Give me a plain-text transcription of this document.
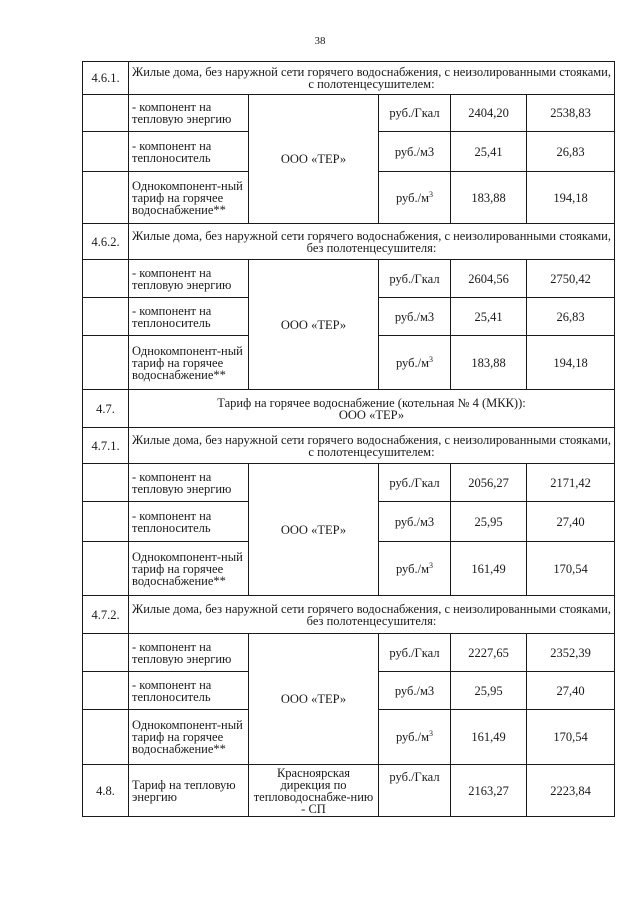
38
4.6.1.	Жилые дома, без наружной сети горячего водоснабжения, с неизолированными стояками, с полотенцесушителем:				
	- компонент на тепловую энергию	ООО «ТЕР»	руб./Гкал	2404,20	2538,83
	- компонент на теплоноситель		руб./м3	25,41	26,83
	Однокомпонент-ный тариф на горячее водоснабжение**		$руб./м^3$	183,88	194,18
4.6.2.	Жилые дома, без наружной сети горячего водоснабжения, с неизолированными стояками, без полотенцесушителя:				
	- компонент на тепловую энергию	ООО «ТЕР»	руб./Гкал	2604,56	2750,42
	- компонент на теплоноситель		руб./м3	25,41	26,83
	Однокомпонент-ный тариф на горячее водоснабжение**		$руб./м^3$	183,88	194,18
4.7.	Тариф на горячее водоснабжение (котельная № 4 (МКК)):
ООО «ТЕР»				
4.7.1.	Жилые дома, без наружной сети горячего водоснабжения, с неизолированными стояками, с полотенцесушителем:				
	- компонент на тепловую энергию	ООО «ТЕР»	руб./Гкал	2056,27	2171,42
	- компонент на теплоноситель		руб./м3	25,95	27,40
	Однокомпонент-ный тариф на горячее водоснабжение**		$руб./м^3$	161,49	170,54
4.7.2.	Жилые дома, без наружной сети горячего водоснабжения, с неизолированными стояками, без полотенцесушителя:				
	- компонент на тепловую энергию	ООО «ТЕР»	руб./Гкал	2227,65	2352,39
	- компонент на теплоноситель		руб./м3	25,95	27,40
	Однокомпонент-ный тариф на горячее водоснабжение**		$руб./м^3$	161,49	170,54
4.8.	Тариф на тепловую энергию	Красноярская дирекция по тепловодоснабже-нию - СП	руб./Гкал	2163,27	2223,84
